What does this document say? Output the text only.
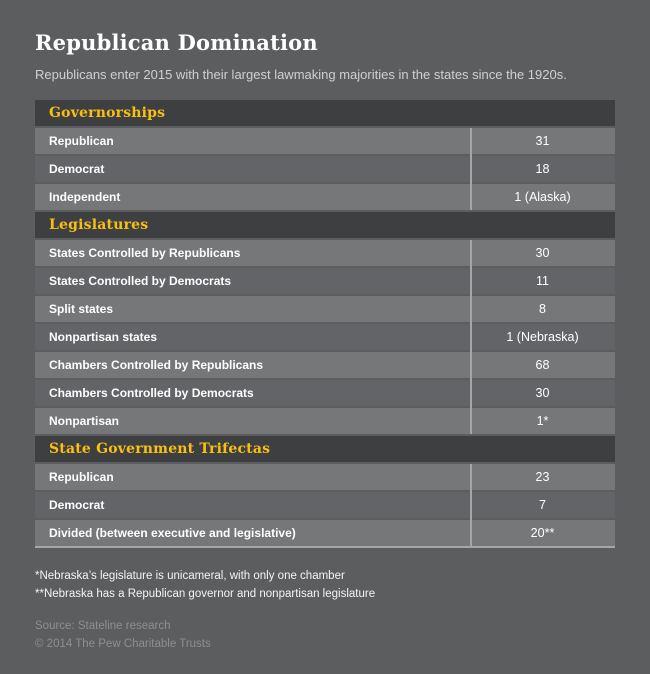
Republican Domination

Republicans enter 2015 with their largest lawmaking majorities in the states since the 1920s.

Governorships
Republican	31
Democrat	18
Independent	1 (Alaska)
Legislatures
States Controlled by Republicans	30
States Controlled by Democrats	11
Split states	8
Nonpartisan states	1 (Nebraska)
Chambers Controlled by Republicans	68
Chambers Controlled by Democrats	30
Nonpartisan	1*
State Government Trifectas
Republican	23
Democrat	7
Divided (between executive and legislative)	20**
*Nebraska’s legislature is unicameral, with only one chamber
**Nebraska has a Republican governor and nonpartisan legislature
Source: Stateline research
© 2014 The Pew Charitable Trusts
